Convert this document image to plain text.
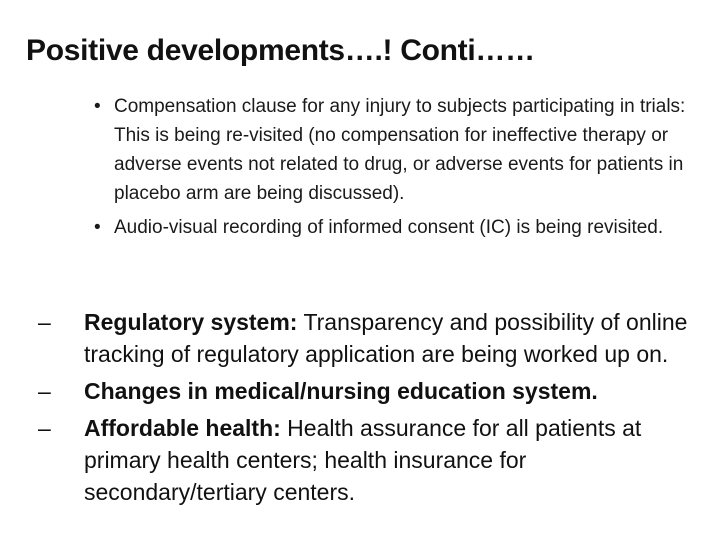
Positive developments….! Conti……
• Compensation clause for any injury to subjects participating in trials: This is being re-visited (no compensation for ineffective therapy or adverse events not related to drug, or adverse events for patients in placebo arm are being discussed).
• Audio-visual recording of informed consent (IC) is being revisited.
– Regulatory system: Transparency and possibility of online tracking of regulatory application are being worked up on.
– Changes in medical/nursing education system.
– Affordable health: Health assurance for all patients at primary health centers; health insurance for secondary/tertiary centers.
